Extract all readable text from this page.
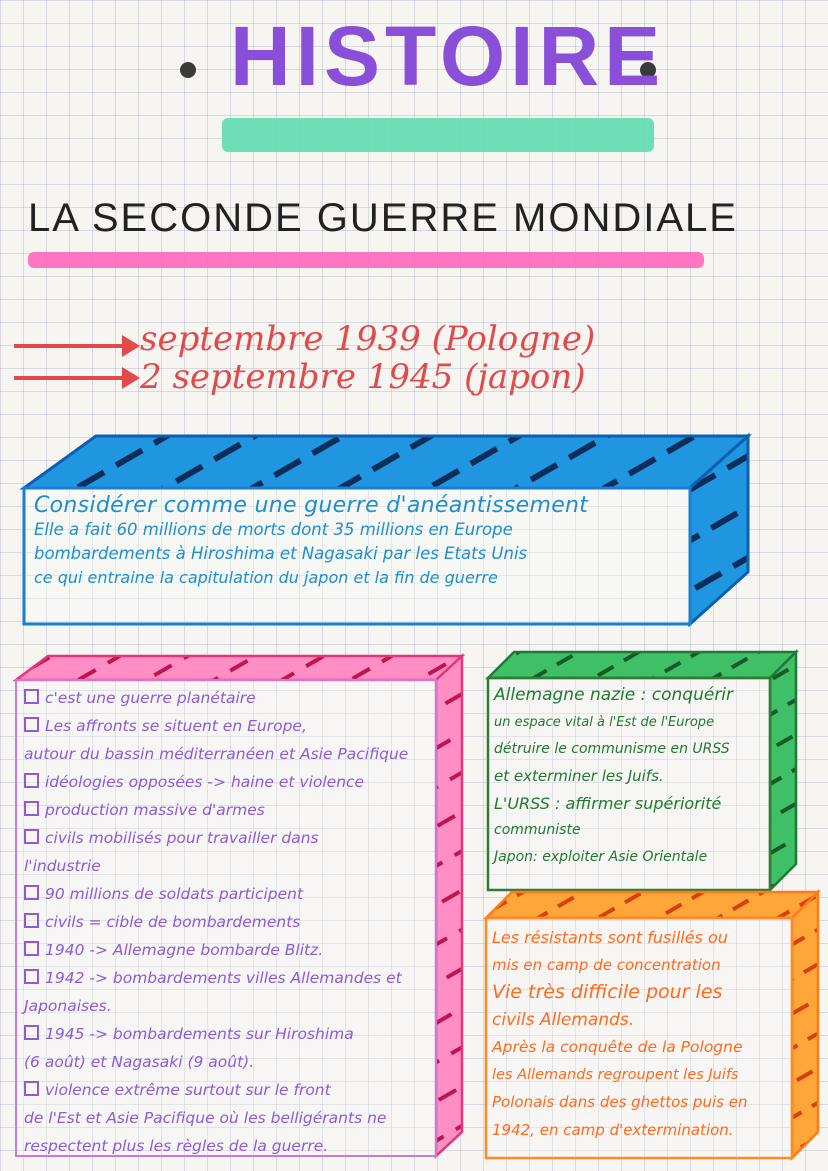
HISTOIRE
LA SECONDE GUERRE MONDIALE
septembre 1939 (Pologne)
2 septembre 1945 (japon)
Considérer comme une guerre d'anéantissement
Elle a fait 60 millions de morts dont 35 millions en Europe
bombardements à Hiroshima et Nagasaki par les Etats Unis
ce qui entraine la capitulation du japon et la fin de guerre
c'est une guerre planétaire
Les affronts se situent en Europe,
autour du bassin méditerranéen et Asie Pacifique
idéologies opposées -> haine et violence
production massive d'armes
civils mobilisés pour travailler dans
l'industrie
90 millions de soldats participent
civils = cible de bombardements
1940 -> Allemagne bombarde Blitz.
1942 -> bombardements villes Allemandes et
Japonaises.
1945 -> bombardements sur Hiroshima
(6 août) et Nagasaki (9 août).
violence extrême surtout sur le front
de l'Est et Asie Pacifique où les belligérants ne
respectent plus les règles de la guerre.
Allemagne nazie : conquérir
un espace vital à l'Est de l'Europe
détruire le communisme en URSS
et exterminer les Juifs.
L'URSS : affirmer supériorité
communiste
Japon: exploiter Asie Orientale
Les résistants sont fusillés ou
mis en camp de concentration
Vie très difficile pour les
civils Allemands.
Après la conquête de la Pologne
les Allemands regroupent les Juifs
Polonais dans des ghettos puis en
1942, en camp d'extermination.
